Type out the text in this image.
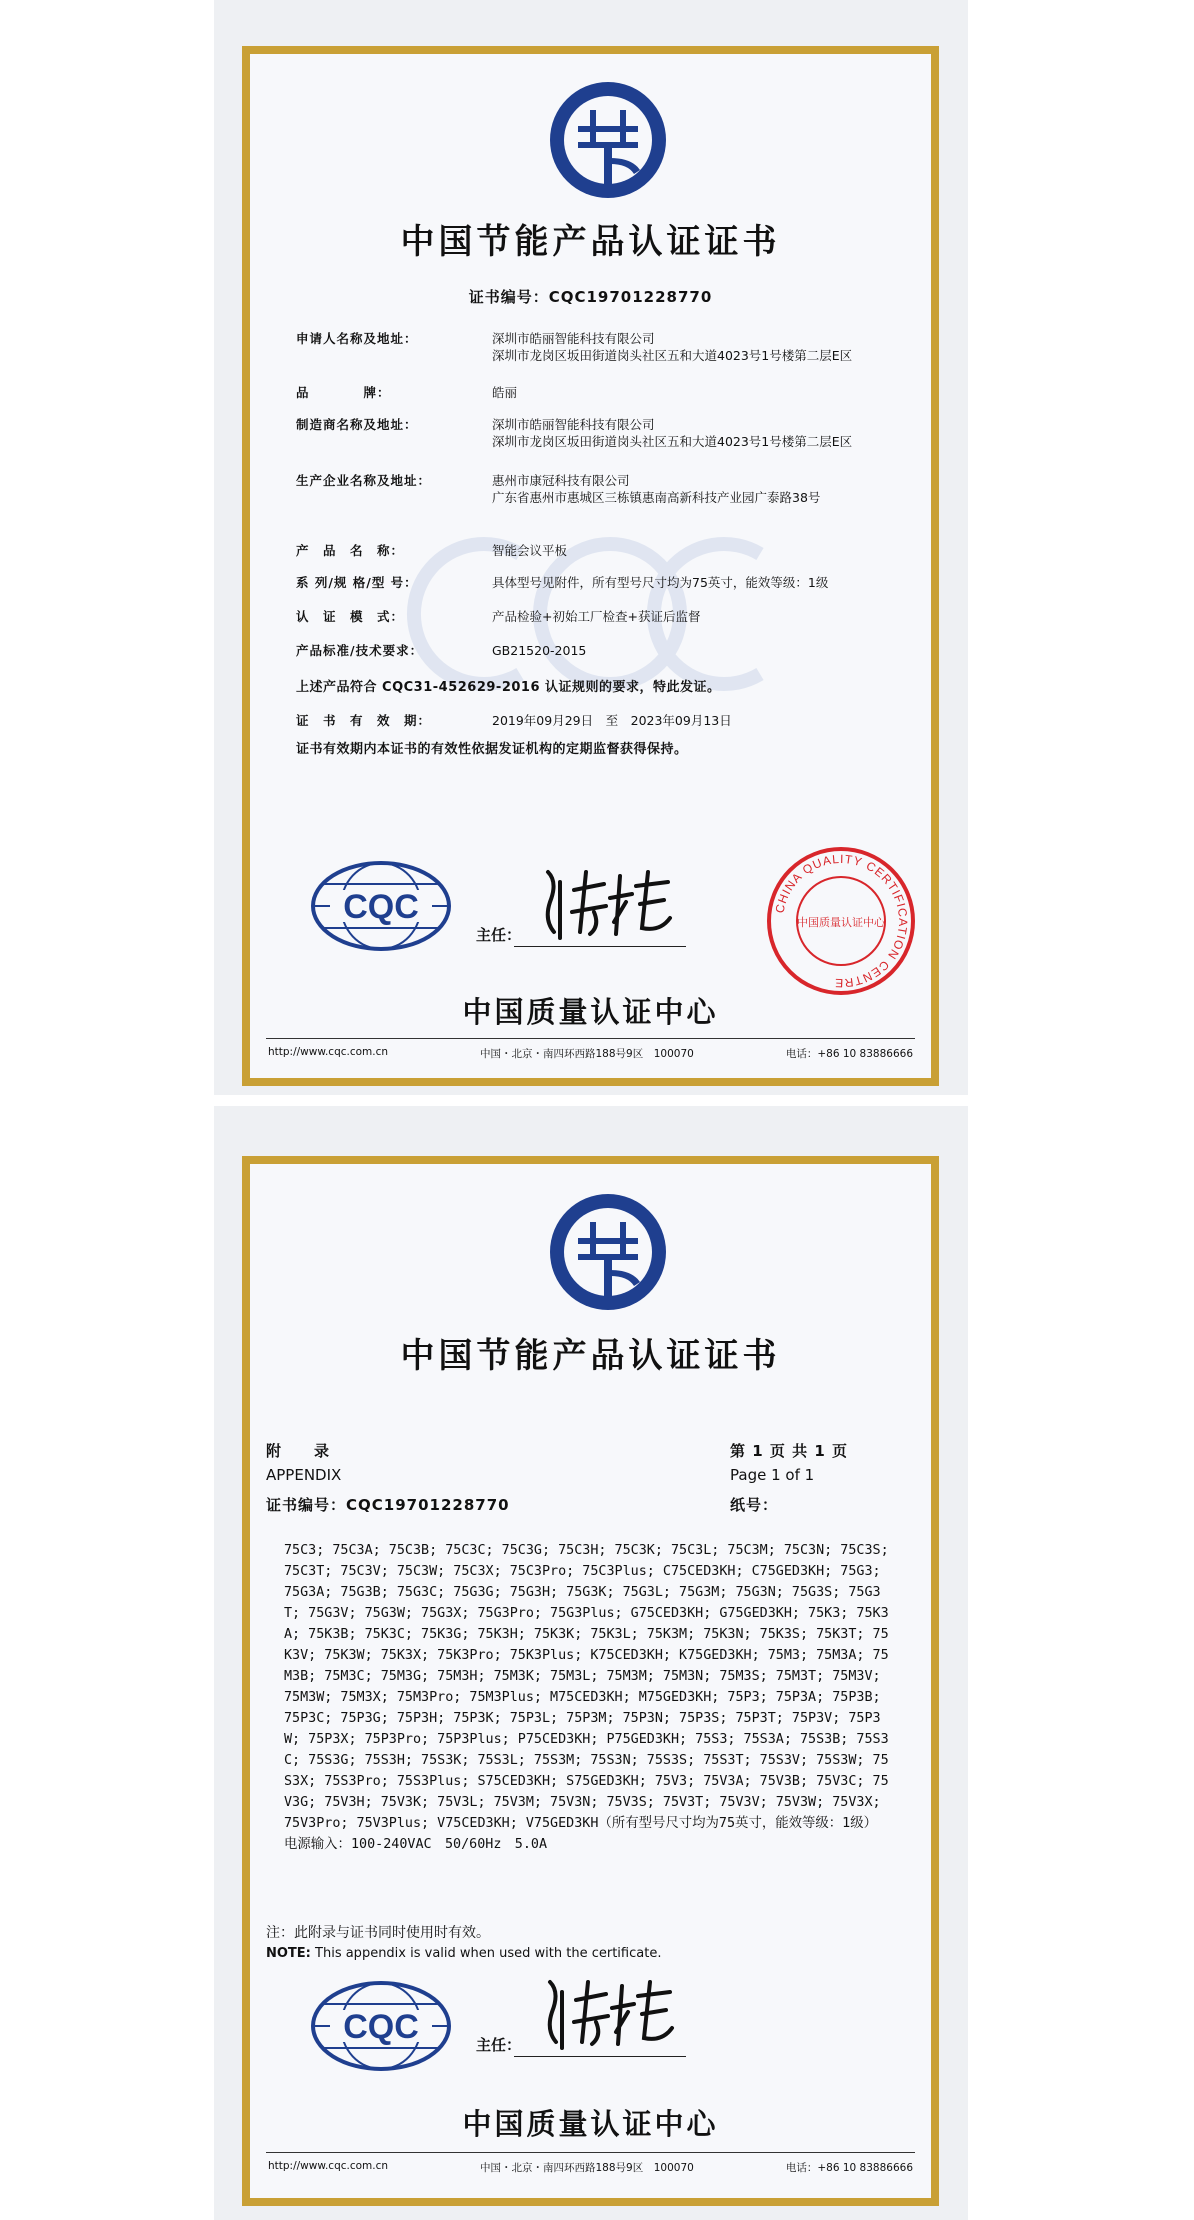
中国节能产品认证证书
证书编号：CQC19701228770
申请人名称及地址：	深圳市皓丽智能科技有限公司
深圳市龙岗区坂田街道岗头社区五和大道4023号1号楼第二层E区
品　　　　牌：	皓丽
制造商名称及地址：	深圳市皓丽智能科技有限公司
深圳市龙岗区坂田街道岗头社区五和大道4023号1号楼第二层E区
生产企业名称及地址：	惠州市康冠科技有限公司
广东省惠州市惠城区三栋镇惠南高新科技产业园广泰路38号
产　品　名　称：	智能会议平板
系 列/规 格/型 号：	具体型号见附件，所有型号尺寸均为75英寸，能效等级：1级
认　证　模　式：	产品检验+初始工厂检查+获证后监督
产品标准/技术要求：	GB21520-2015
上述产品符合 CQC31-452629-2016 认证规则的要求，特此发证。
证　书　有　效　期：	2019年09月29日　至　2023年09月13日
证书有效期内本证书的有效性依据发证机构的定期监督获得保持。
CQC
主任：
CHINA QUALITY CERTIFICATION CENTRE
中国质量认证中心
中国质量认证中心
http://www.cqc.com.cn	中国・北京・南四环西路188号9区　100070	电话：+86 10 83886666
中国节能产品认证证书
附　　录
APPENDIX
证书编号：CQC19701228770
第 1 页 共 1 页
Page 1 of 1
纸号：
75C3; 75C3A; 75C3B; 75C3C; 75C3G; 75C3H; 75C3K; 75C3L; 75C3M; 75C3N; 75C3S; 75C3T; 75C3V; 75C3W; 75C3X; 75C3Pro; 75C3Plus; C75CED3KH; C75GED3KH; 75G3; 75G3A; 75G3B; 75G3C; 75G3G; 75G3H; 75G3K; 75G3L; 75G3M; 75G3N; 75G3S; 75G3T; 75G3V; 75G3W; 75G3X; 75G3Pro; 75G3Plus; G75CED3KH; G75GED3KH; 75K3; 75K3A; 75K3B; 75K3C; 75K3G; 75K3H; 75K3K; 75K3L; 75K3M; 75K3N; 75K3S; 75K3T; 75K3V; 75K3W; 75K3X; 75K3Pro; 75K3Plus; K75CED3KH; K75GED3KH; 75M3; 75M3A; 75M3B; 75M3C; 75M3G; 75M3H; 75M3K; 75M3L; 75M3M; 75M3N; 75M3S; 75M3T; 75M3V; 75M3W; 75M3X; 75M3Pro; 75M3Plus; M75CED3KH; M75GED3KH; 75P3; 75P3A; 75P3B; 75P3C; 75P3G; 75P3H; 75P3K; 75P3L; 75P3M; 75P3N; 75P3S; 75P3T; 75P3V; 75P3W; 75P3X; 75P3Pro; 75P3Plus; P75CED3KH; P75GED3KH; 75S3; 75S3A; 75S3B; 75S3C; 75S3G; 75S3H; 75S3K; 75S3L; 75S3M; 75S3N; 75S3S; 75S3T; 75S3V; 75S3W; 75S3X; 75S3Pro; 75S3Plus; S75CED3KH; S75GED3KH; 75V3; 75V3A; 75V3B; 75V3C; 75V3G; 75V3H; 75V3K; 75V3L; 75V3M; 75V3N; 75V3S; 75V3T; 75V3V; 75V3W; 75V3X; 75V3Pro; 75V3Plus; V75CED3KH; V75GED3KH（所有型号尺寸均为75英寸，能效等级：1级）
电源输入：100-240VAC　50/60Hz　5.0A
注：此附录与证书同时使用时有效。
NOTE: This appendix is valid when used with the certificate.
CQC	主任：
中国质量认证中心
http://www.cqc.com.cn	中国・北京・南四环西路188号9区　100070	电话：+86 10 83886666
